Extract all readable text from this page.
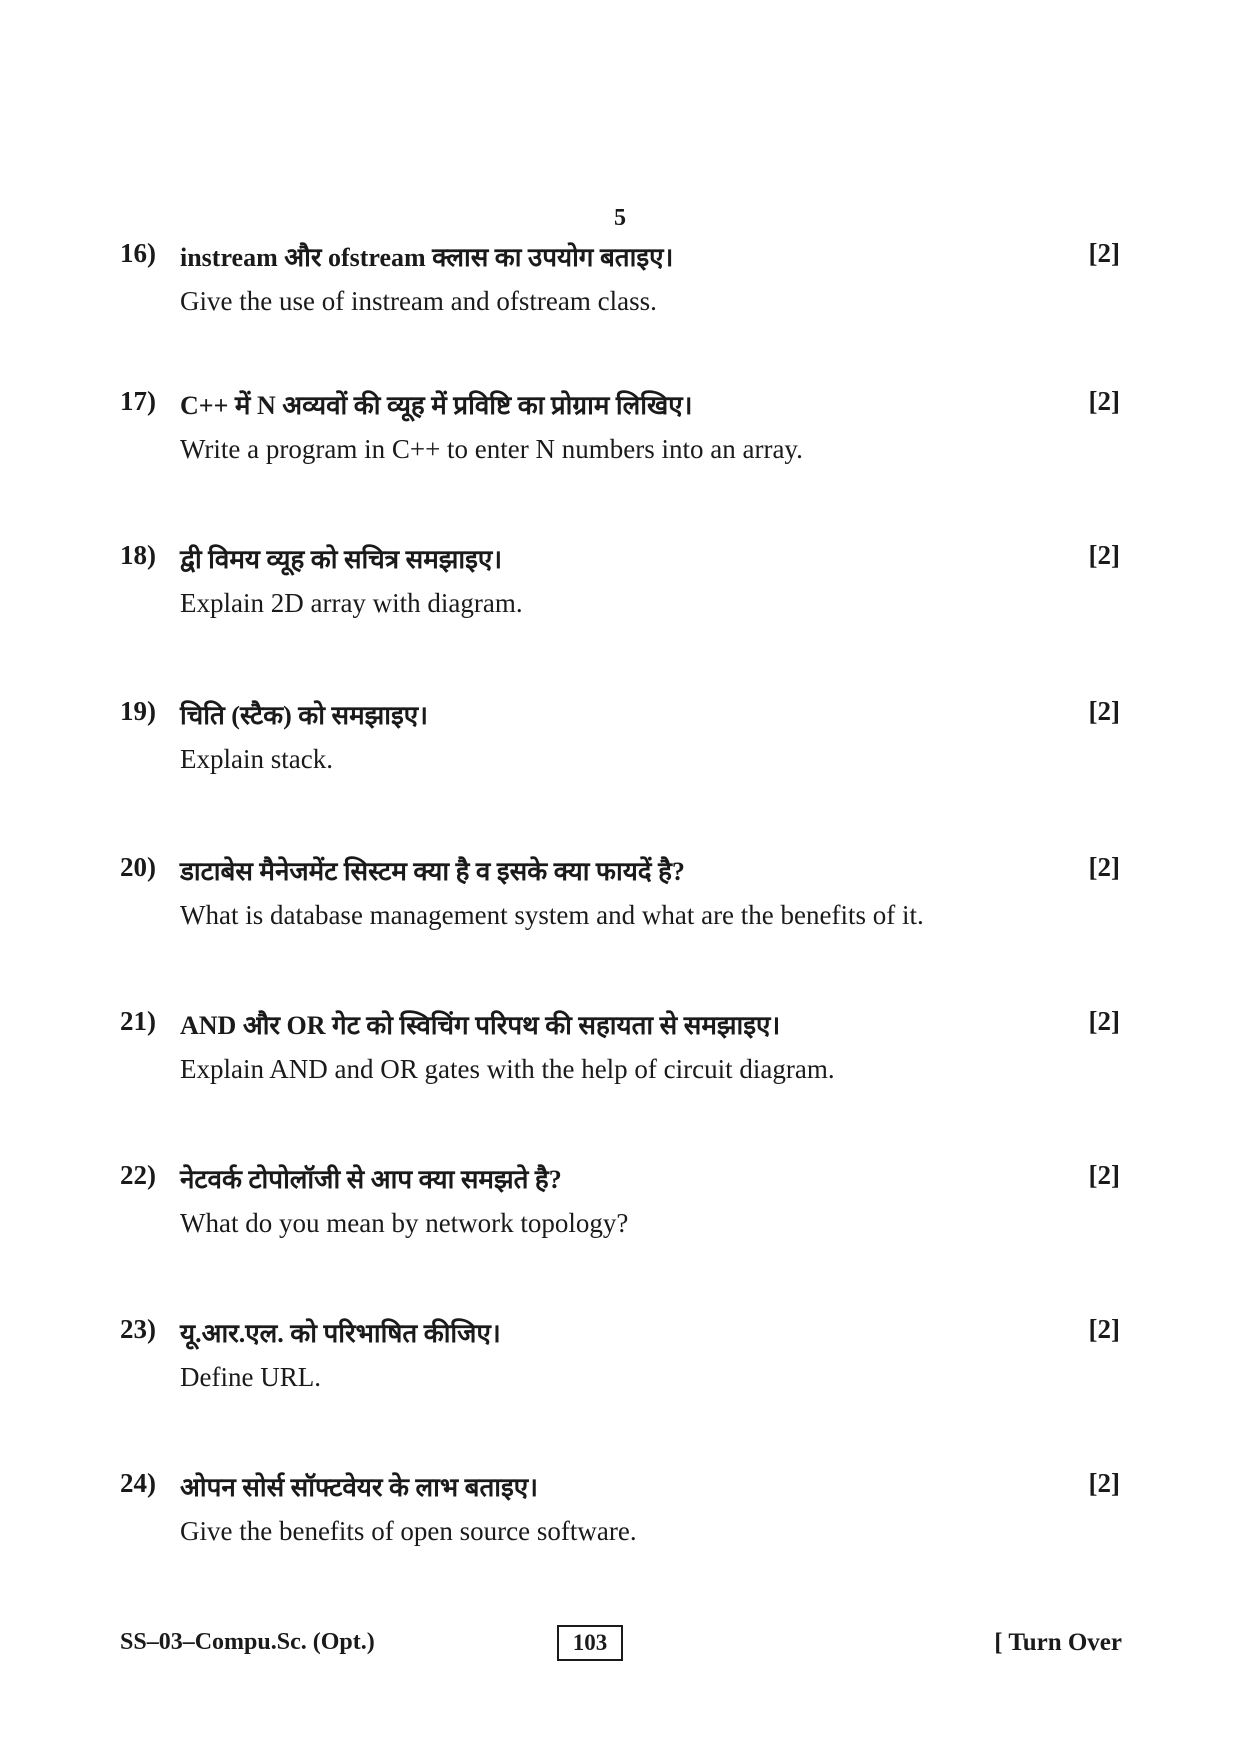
5
16) instream और ofstream क्लास का उपयोग बताइए।	[2]
Give the use of instream and ofstream class.
17) C++ में N अव्यवों की व्यूह में प्रविष्टि का प्रोग्राम लिखिए।	[2]
Write a program in C++ to enter N numbers into an array.
18) द्वी विमय व्यूह को सचित्र समझाइए।	[2]
Explain 2D array with diagram.
19) चिति (स्टैक) को समझाइए।	[2]
Explain stack.
20) डाटाबेस मैनेजमेंट सिस्टम क्या है व इसके क्या फायदें है?	[2]
What is database management system and what are the benefits of it.
21) AND और OR गेट को स्विचिंग परिपथ की सहायता से समझाइए।	[2]
Explain AND and OR gates with the help of circuit diagram.
22) नेटवर्क टोपोलॉजी से आप क्या समझते है?	[2]
What do you mean by network topology?
23) यू.आर.एल. को परिभाषित कीजिए।	[2]
Define URL.
24) ओपन सोर्स सॉफ्टवेयर के लाभ बताइए।	[2]
Give the benefits of open source software.
SS–03–Compu.Sc. (Opt.)	103	[ Turn Over
